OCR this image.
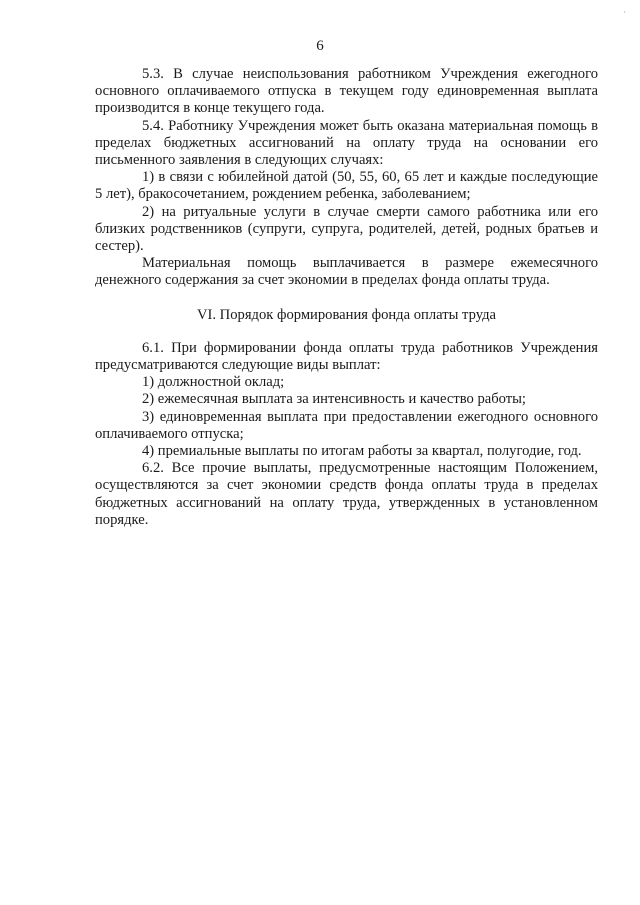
·
6

5.3. В случае неиспользования работником Учреждения ежегодного основного оплачиваемого отпуска в текущем году единовременная выплата производится в конце текущего года.

5.4. Работнику Учреждения может быть оказана материальная помощь в пределах бюджетных ассигнований на оплату труда на основании его письменного заявления в следующих случаях:

1) в связи с юбилейной датой (50, 55, 60, 65 лет и каждые последующие 5 лет), бракосочетанием, рождением ребенка, заболеванием;

2) на ритуальные услуги в случае смерти самого работника или его близких родственников (супруги, супруга, родителей, детей, родных братьев и сестер).

Материальная помощь выплачивается в размере ежемесячного денежного содержания за счет экономии в пределах фонда оплаты труда.

VI. Порядок формирования фонда оплаты труда

6.1. При формировании фонда оплаты труда работников Учреждения предусматриваются следующие виды выплат:

1) должностной оклад;

2) ежемесячная выплата за интенсивность и качество работы;

3) единовременная выплата при предоставлении ежегодного основного оплачиваемого отпуска;

4) премиальные выплаты по итогам работы за квартал, полугодие, год.

6.2. Все прочие выплаты, предусмотренные настоящим Положением, осуществляются за счет экономии средств фонда оплаты труда в пределах бюджетных ассигнований на оплату труда, утвержденных в установленном порядке.
